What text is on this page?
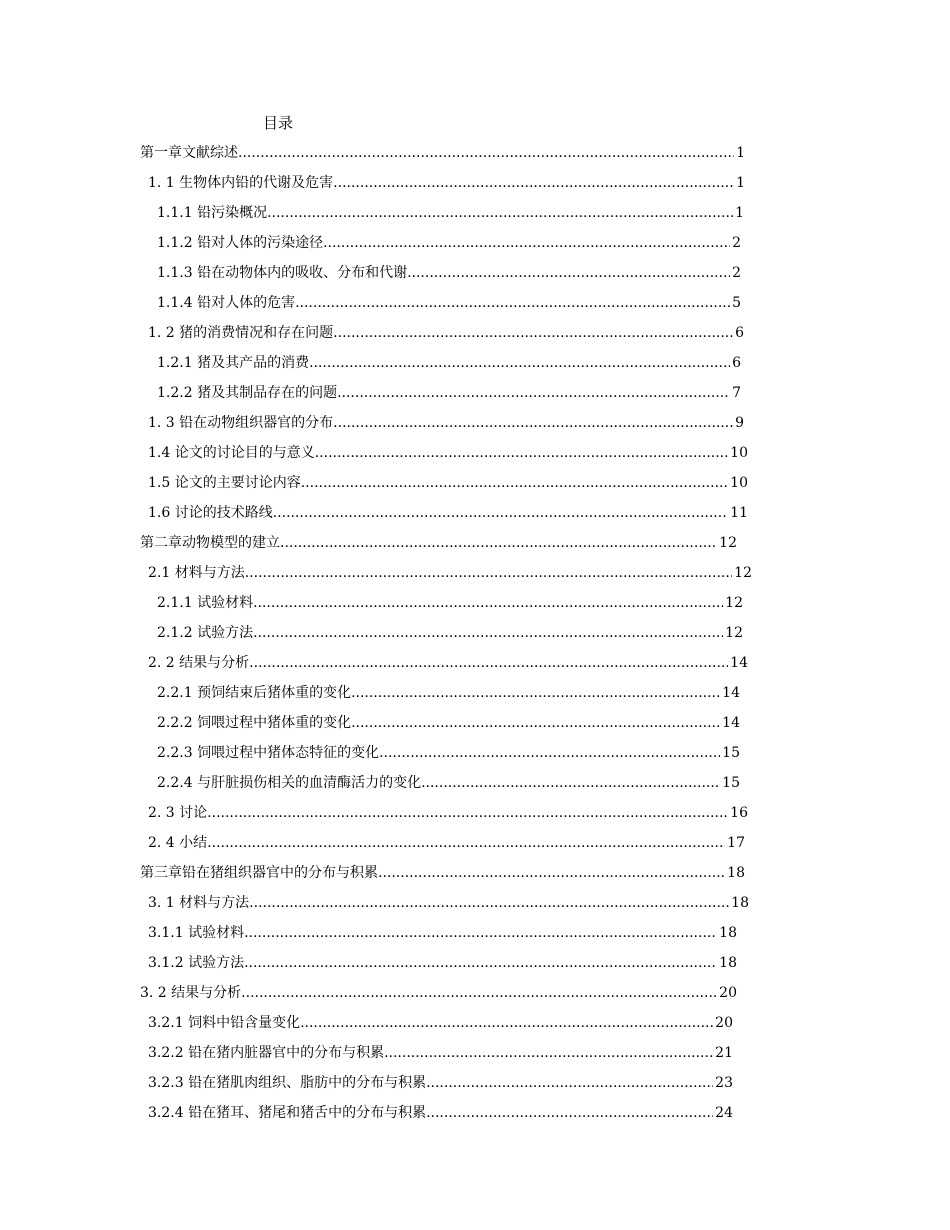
目录
第一章文献综述 .....	1
1. 1 生物体内铅的代谢及危害 .....	1
1.1.1 铅污染概况 .....	1
1.1.2 铅对人体的污染途径 .....	2
1.1.3 铅在动物体内的吸收、分布和代谢 .....	2
1.1.4 铅对人体的危害 .....	5
1. 2 猪的消费情况和存在问题 .....	6
1.2.1 猪及其产品的消费 .....	6
1.2.2 猪及其制品存在的问题 .....	7
1. 3 铅在动物组织器官的分布 .....	9
1.4 论文的讨论目的与意义 .....	10
1.5 论文的主要讨论内容 .....	10
1.6 讨论的技术路线 .....	11
第二章动物模型的建立 .....	12
2.1 材料与方法 .....	12
2.1.1 试验材料 .....	12
2.1.2 试验方法 .....	12
2. 2 结果与分析 .....	14
2.2.1 预饲结束后猪体重的变化 .....	14
2.2.2 饲喂过程中猪体重的变化 .....	14
2.2.3 饲喂过程中猪体态特征的变化 .....	15
2.2.4 与肝脏损伤相关的血清酶活力的变化 .....	15
2. 3 讨论 .....	16
2. 4 小结 .....	17
第三章铅在猪组织器官中的分布与积累 .....	18
3. 1 材料与方法 .....	18
3.1.1 试验材料 .....	18
3.1.2 试验方法 .....	18
3. 2 结果与分析 .....	20
3.2.1 饲料中铅含量变化 .....	20
3.2.2 铅在猪内脏器官中的分布与积累 .....	21
3.2.3 铅在猪肌肉组织、脂肪中的分布与积累 .....	23
3.2.4 铅在猪耳、猪尾和猪舌中的分布与积累 .....	24
